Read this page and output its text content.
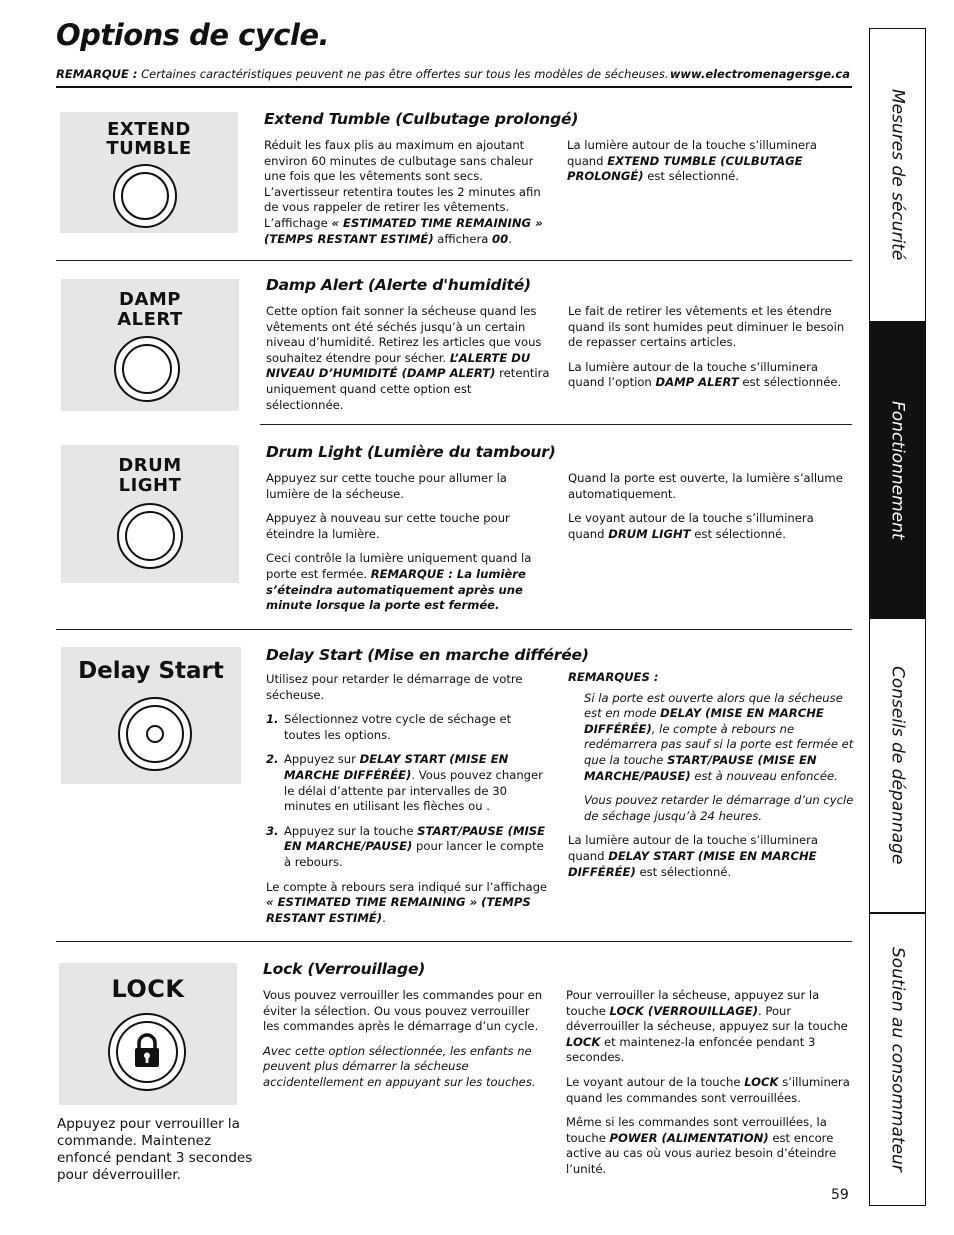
Options de cycle.
REMARQUE : Certaines caractéristiques peuvent ne pas être offertes sur tous les modèles de sécheuses. www.electromenagersge.ca
EXTEND
TUMBLE
Extend Tumble (Culbutage prolongé)

Réduit les faux plis au maximum en ajoutant environ 60 minutes de culbutage sans chaleur une fois que les vêtements sont secs. L’avertisseur retentira toutes les 2 minutes afin de vous rappeler de retirer les vêtements. L’affichage « ESTIMATED TIME REMAINING » (TEMPS RESTANT ESTIMÉ) affichera 00.

La lumière autour de la touche s’illuminera quand EXTEND TUMBLE (CULBUTAGE PROLONGÉ) est sélectionné.

DAMP
ALERT
Damp Alert (Alerte d'humidité)

Cette option fait sonner la sécheuse quand les vêtements ont été séchés jusqu’à un certain niveau d’humidité. Retirez les articles que vous souhaitez étendre pour sécher. L’ALERTE DU NIVEAU D’HUMIDITÉ (DAMP ALERT) retentira uniquement quand cette option est sélectionnée.

Le fait de retirer les vêtements et les étendre quand ils sont humides peut diminuer le besoin de repasser certains articles.

La lumière autour de la touche s’illuminera quand l’option DAMP ALERT est sélectionnée.

DRUM
LIGHT
Drum Light (Lumière du tambour)

Appuyez sur cette touche pour allumer la lumière de la sécheuse.

Appuyez à nouveau sur cette touche pour éteindre la lumière.

Ceci contrôle la lumière uniquement quand la porte est fermée. REMARQUE : La lumière s’éteindra automatiquement après une minute lorsque la porte est fermée.

Quand la porte est ouverte, la lumière s’allume automatiquement.

Le voyant autour de la touche s’illuminera quand DRUM LIGHT est sélectionné.

Delay Start
Delay Start (Mise en marche différée)

Utilisez pour retarder le démarrage de votre sécheuse.

1. Sélectionnez votre cycle de séchage et toutes les options.
2. Appuyez sur DELAY START (MISE EN MARCHE DIFFÉRÉE). Vous pouvez changer le délai d’attente par intervalles de 30 minutes en utilisant les flèches ou .
3. Appuyez sur la touche START/PAUSE (MISE EN MARCHE/PAUSE) pour lancer le compte à rebours.

Le compte à rebours sera indiqué sur l’affichage « ESTIMATED TIME REMAINING » (TEMPS RESTANT ESTIMÉ).

REMARQUES :

Si la porte est ouverte alors que la sécheuse est en mode DELAY (MISE EN MARCHE DIFFÉRÉE), le compte à rebours ne redémarrera pas sauf si la porte est fermée et que la touche START/PAUSE (MISE EN MARCHE/PAUSE) est à nouveau enfoncée.

Vous pouvez retarder le démarrage d’un cycle de séchage jusqu’à 24 heures.

La lumière autour de la touche s’illuminera quand DELAY START (MISE EN MARCHE DIFFÉRÉE) est sélectionné.

LOCK
Appuyez pour verrouiller la commande. Maintenez enfoncé pendant 3 secondes pour déverrouiller.
Lock (Verrouillage)

Vous pouvez verrouiller les commandes pour en éviter la sélection. Ou vous pouvez verrouiller les commandes après le démarrage d’un cycle.

Avec cette option sélectionnée, les enfants ne peuvent plus démarrer la sécheuse accidentellement en appuyant sur les touches.

Pour verrouiller la sécheuse, appuyez sur la touche LOCK (VERROUILLAGE). Pour déverrouiller la sécheuse, appuyez sur la touche LOCK et maintenez-la enfoncée pendant 3 secondes.

Le voyant autour de la touche LOCK s’illuminera quand les commandes sont verrouillées.

Même si les commandes sont verrouillées, la touche POWER (ALIMENTATION) est encore active au cas où vous auriez besoin d’éteindre l’unité.

59
Mesures de sécurité
Fonctionnement
Conseils de dépannage
Soutien au consommateur
